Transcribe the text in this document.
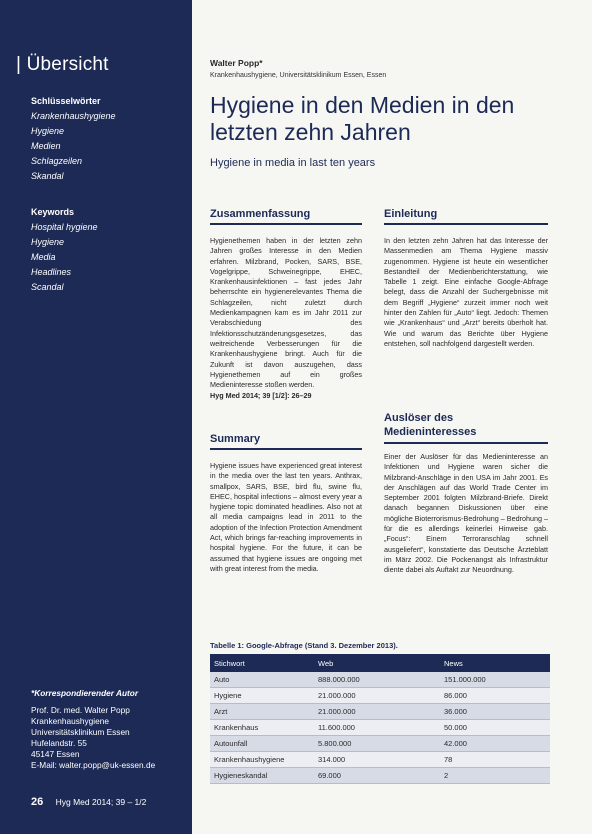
| Übersicht
Schlüsselwörter
Krankenhaushygiene
Hygiene
Medien
Schlagzeilen
Skandal
Keywords
Hospital hygiene
Hygiene
Media
Headlines
Scandal
*Korrespondierender Autor
Prof. Dr. med. Walter Popp
Krankenhaushygiene
Universitätsklinikum Essen
Hufelandstr. 55
45147 Essen
E-Mail: walter.popp@uk-essen.de
26 Hyg Med 2014; 39 – 1/2
Walter Popp*
Krankenhaushygiene, Universitätsklinikum Essen, Essen
Hygiene in den Medien in den letzten zehn Jahren
Hygiene in media in last ten years
Zusammenfassung
Hygienethemen haben in der letzten zehn Jahren großes Interesse in den Medien erfahren. Milzbrand, Pocken, SARS, BSE, Vogelgrippe, Schweinegrippe, EHEC, Krankenhausinfektionen – fast jedes Jahr beherrschte ein hygienerelevantes Thema die Schlagzeilen, nicht zuletzt durch Medienkampagnen kam es im Jahr 2011 zur Verabschiedung des Infektionsschutzänderungsgesetzes, das weitreichende Verbesserungen für die Krankenhaushygiene bringt. Auch für die Zukunft ist davon auszugehen, dass Hygienethemen auf ein großes Medieninteresse stoßen werden.
Hyg Med 2014; 39 [1/2]: 26–29
Summary
Hygiene issues have experienced great interest in the media over the last ten years. Anthrax, smallpox, SARS, BSE, bird flu, swine flu, EHEC, hospital infections – almost every year a hygiene topic dominated headlines. Also not at all media campaigns lead in 2011 to the adoption of the Infection Protection Amendment Act, which brings far-reaching improvements in hospital hygiene. For the future, it can be assumed that hygiene issues are ongoing met with great interest from the media.
Einleitung
In den letzten zehn Jahren hat das Interesse der Massenmedien am Thema Hygiene massiv zugenommen. Hygiene ist heute ein wesentlicher Bestandteil der Medienberichterstattung, wie Tabelle 1 zeigt. Eine einfache Google-Abfrage belegt, dass die Anzahl der Suchergebnisse mit dem Begriff „Hygiene“ zurzeit immer noch weit hinter den Zahlen für „Auto“ liegt. Jedoch: Themen wie „Krankenhaus“ und „Arzt“ bereits überholt hat. Wie und warum das Berichte über Hygiene entstehen, soll nachfolgend dargestellt werden.
Auslöser des Medieninteresses
Einer der Auslöser für das Medieninteresse an Infektionen und Hygiene waren sicher die Milzbrand-Anschläge in den USA im Jahr 2001. Es der Anschlägen auf das World Trade Center im September 2001 folgten Milzbrand-Briefe. Direkt danach begannen Diskussionen über eine mögliche Bioterrorismus-Bedrohung – Bedrohung – für die es allerdings keinerlei Hinweise gab. „Focus“: Einem Terroranschlag schnell ausgeliefert“, konstatierte das Deutsche Ärzteblatt im März 2002. Die Pockenangst als Infrastruktur diente dabei als Auftakt zur Neuordnung.
Tabelle 1: Google-Abfrage (Stand 3. Dezember 2013).
Stichwort	Web	News
Auto	888.000.000	151.000.000
Hygiene	21.000.000	86.000
Arzt	21.000.000	36.000
Krankenhaus	11.600.000	50.000
Autounfall	5.800.000	42.000
Krankenhaushygiene	314.000	78
Hygieneskandal	69.000	2
